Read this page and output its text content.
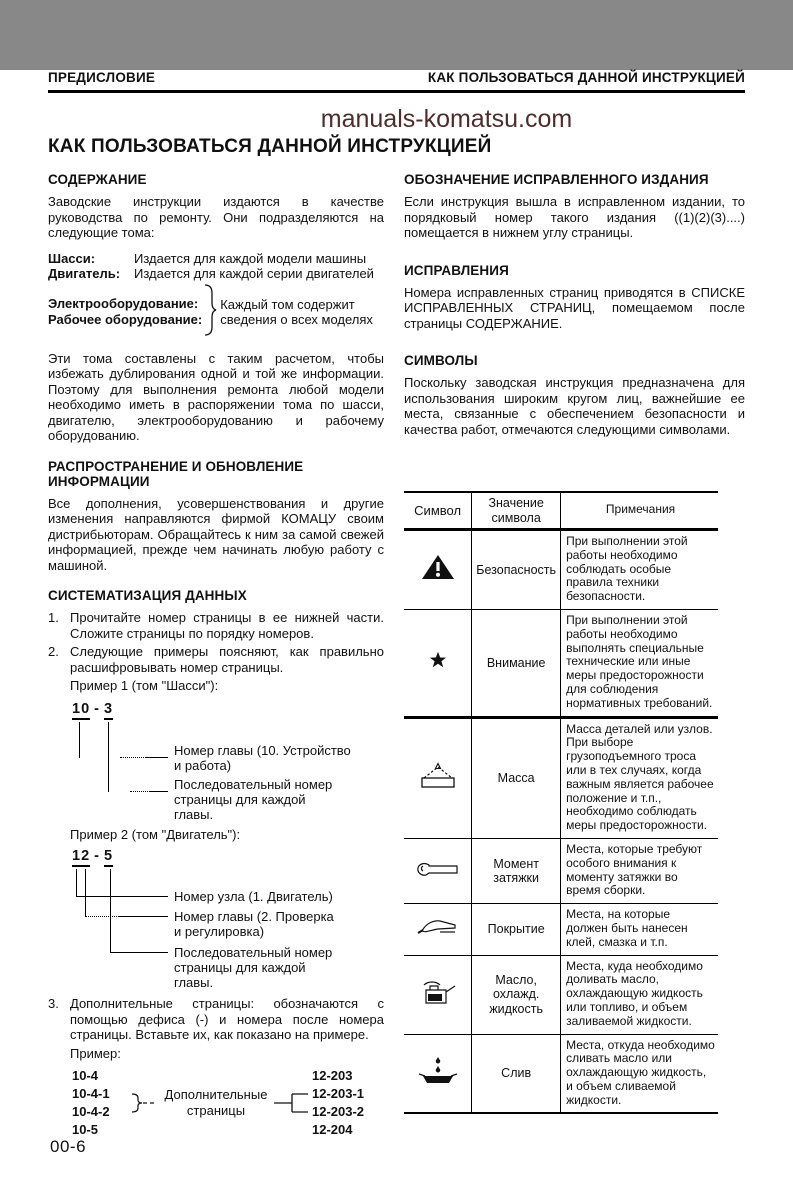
ПРЕДИСЛОВИЕ	КАК ПОЛЬЗОВАТЬСЯ ДАННОЙ ИНСТРУКЦИЕЙ
manuals-komatsu.com
КАК ПОЛЬЗОВАТЬСЯ ДАННОЙ ИНСТРУКЦИЕЙ
СОДЕРЖАНИЕ

Заводские инструкции издаются в качестве руководства по ремонту. Они подразделяются на следующие тома:

Шасси:	Издается для каждой модели машины
Двигатель:	Издается для каждой серии двигателей
Электрооборудование:
Рабочее оборудование:
Каждый том содержит сведения о всех моделях

Эти тома составлены с таким расчетом, чтобы избежать дублирования одной и той же информации. Поэтому для выполнения ремонта любой модели необходимо иметь в распоряжении тома по шасси, двигателю, электрооборудованию и рабочему оборудованию.

РАСПРОСТРАНЕНИЕ И ОБНОВЛЕНИЕ ИНФОРМАЦИИ

Все дополнения, усовершенствования и другие изменения направляются фирмой КОМАЦУ своим дистрибьюторам. Обращайтесь к ним за самой свежей информацией, прежде чем начинать любую работу с машиной.

СИСТЕМАТИЗАЦИЯ ДАННЫХ
1. Прочитайте номер страницы в ее нижней части. Сложите страницы по порядку номеров.
2. Следующие примеры поясняют, как правильно расшифровывать номер страницы.
Пример 1 (том "Шасси"):
10 - 3
Номер главы (10. Устройство и работа)
Последовательный номер страницы для каждой главы.
Пример 2 (том "Двигатель"):
12 - 5
Номер узла (1. Двигатель)
Номер главы (2. Проверка и регулировка)
Последовательный номер страницы для каждой главы.
3. Дополнительные страницы: обозначаются с помощью дефиса (-) и номера после номера страницы. Вставьте их, как показано на примере.
Пример:
10-4
10-4-1
10-4-2
10-5
Дополнительные
страницы
12-203
12-203-1
12-203-2
12-204
ОБОЗНАЧЕНИЕ ИСПРАВЛЕННОГО ИЗДАНИЯ

Если инструкция вышла в исправленном издании, то порядковый номер такого издания ((1)(2)(3)....) помещается в нижнем углу страницы.

ИСПРАВЛЕНИЯ

Номера исправленных страниц приводятся в СПИСКЕ ИСПРАВЛЕННЫХ СТРАНИЦ, помещаемом после страницы СОДЕРЖАНИЕ.

СИМВОЛЫ

Поскольку заводская инструкция предназначена для использования широким кругом лиц, важнейшие ее места, связанные с обеспечением безопасности и качества работ, отмечаются следующими символами.

Символ	Значение символа	Примечания
	Безопасность	При выполнении этой работы необходимо соблюдать особые правила техники безопасности.
	Внимание	При выполнении этой работы необходимо выполнять специальные технические или иные меры предосторожности для соблюдения нормативных требований.
	Масса	Масса деталей или узлов. При выборе грузоподъемного троса или в тех случаях, когда важным является рабочее положение и т.п., необходимо соблюдать меры предосторожности.
	Момент затяжки	Места, которые требуют особого внимания к моменту затяжки во время сборки.
	Покрытие	Места, на которые должен быть нанесен клей, смазка и т.п.
	Масло, охлажд. жидкость	Места, куда необходимо доливать масло, охлаждающую жидкость или топливо, и объем заливаемой жидкости.
	Слив	Места, откуда необходимо сливать масло или охлаждающую жидкость, и объем сливаемой жидкости.
00-6
